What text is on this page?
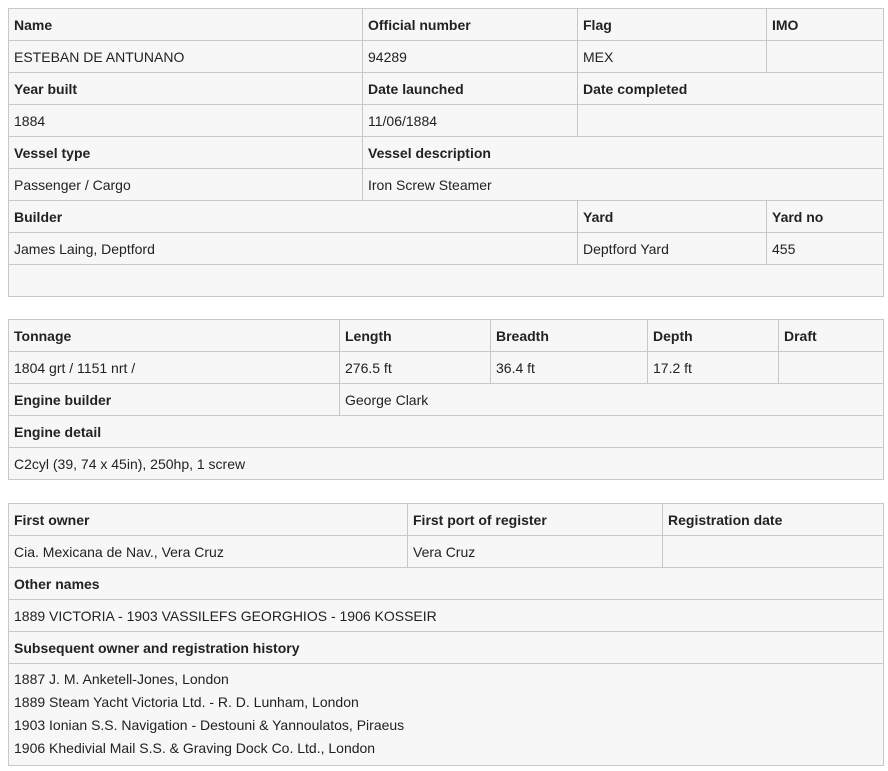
Name	Official number	Flag	IMO
ESTEBAN DE ANTUNANO	94289	MEX	
Year built	Date launched	Date completed	
1884	11/06/1884		
Vessel type	Vessel description		
Passenger / Cargo	Iron Screw Steamer		
Builder		Yard	Yard no
James Laing, Deptford		Deptford Yard	455

Tonnage	Length	Breadth	Depth	Draft
1804 grt / 1151 nrt /	276.5 ft	36.4 ft	17.2 ft	
Engine builder	George Clark			
Engine detail				
C2cyl (39, 74 x 45in), 250hp, 1 screw				
First owner	First port of register	Registration date
Cia. Mexicana de Nav., Vera Cruz	Vera Cruz	
Other names		
1889 VICTORIA - 1903 VASSILEFS GEORGHIOS - 1906 KOSSEIR		
Subsequent owner and registration history		

1887 J. M. Anketell-Jones, London
1889 Steam Yacht Victoria Ltd. - R. D. Lunham, London
1903 Ionian S.S. Navigation - Destouni & Yannoulatos, Piraeus
1906 Khedivial Mail S.S. & Graving Dock Co. Ltd., London		
